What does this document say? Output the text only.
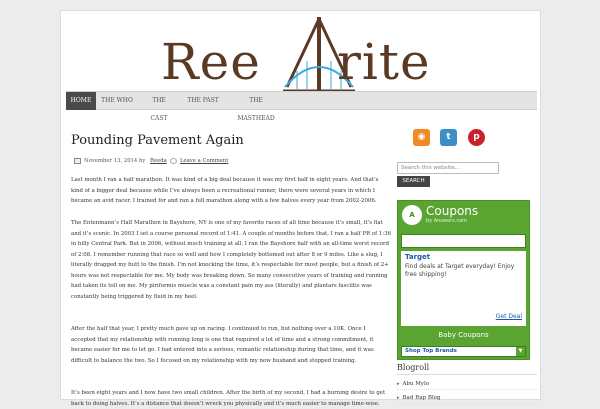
Ree rite
HOME	THE WHO	THE CAST
THE PAST	THE MASTHEAD
Pounding Pavement Again
November 13, 2014 by Reeda Leave a Comment

Last month I ran a half marathon. It was kind of a big deal because it was my first half in eight years. And that’s kind of a bigger deal because while I’ve always been a recreational runner, there were several years in which I became an avid racer. I trained for and ran a full marathon along with a few halves every year from 2002-2006.

The Entenmann’s Half Marathon in Bayshore, NY is one of my favorite races of all time because it’s small, it’s flat and it’s scenic. In 2003 I set a course personal record of 1:41. A couple of months before that, I ran a half PR of 1:36 in hilly Central Park. But in 2006, without much training at all, I ran the Bayshore half with an all-time worst record of 2:08. I remember running that race so well and how I completely bottomed out after 8 or 9 miles. Like a slug, I literally dragged my butt to the finish. I’m not knocking the time, it’s respectable for most people, but a finish of 2+ hours was not respectable for me. My body was breaking down. So many consecutive years of training and running had taken its toll on me. My piriformis muscle was a constant pain my ass (literally) and plantars fasciitis was constantly being triggered by fluid in my heel.

After the half that year, I pretty much gave up on racing. I continued to run, but nothing over a 10K. Once I accepted that my relationship with running long is one that required a lot of time and a strong commitment, it became easier for me to let go. I had entered into a serious, romantic relationship during that time, and it was difficult to balance the two. So I focused on my relationship with my now husband and stopped training.

It’s been eight years and I now have two small children. After the birth of my second, I had a burning desire to get back to doing halves. It’s a distance that doesn’t wreck you physically and it’s much easier to manage time-wise.

◉	t	p
Search this website…
SEARCH
A Coupons
by Answers.com
Target
Find deals at Target everyday! Enjoy free shipping!
Get Deal
Baby Coupons
Shop Top Brands	▼
Blogroll
▸ Abu Mylo
▸ Bad Rap Blog
